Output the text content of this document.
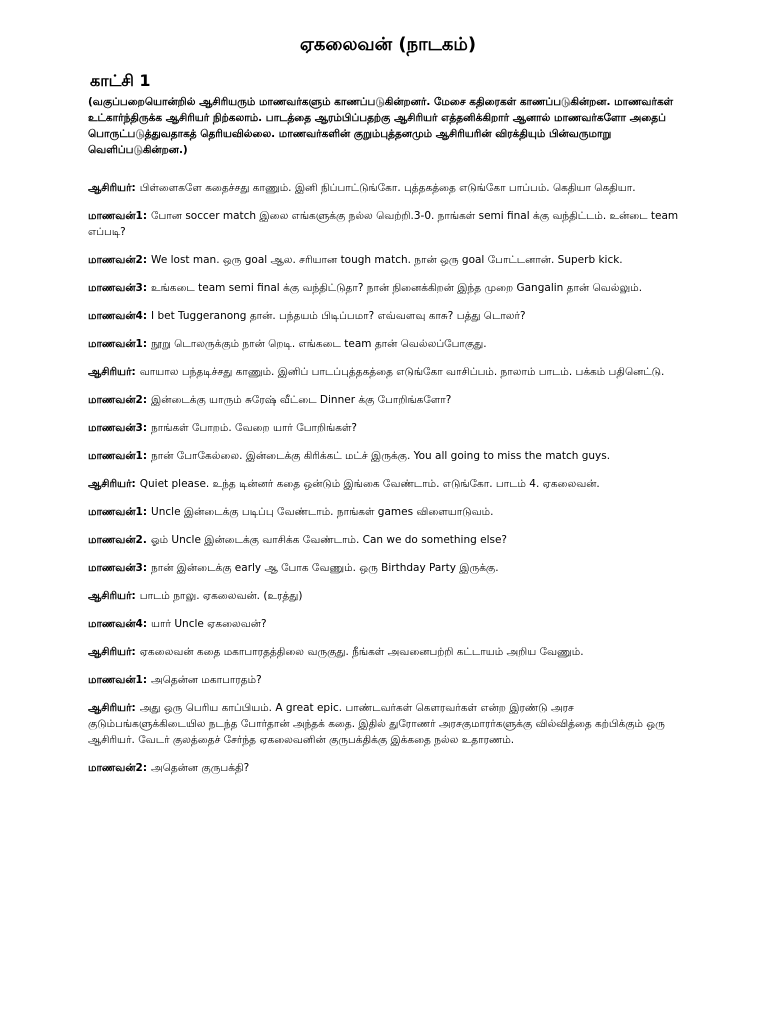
ஏகலைவன் (நாடகம்)
காட்சி 1
(வகுப்பறையொன்றில் ஆசிரியரும் மாணவர்களும் காணப்படுகின்றனர். மேசை கதிரைகள் காணப்படுகின்றன. மாணவர்கள் உட்கார்ந்திருக்க ஆசிரியர் நிற்கலாம். பாடத்தை ஆரம்பிப்பதற்கு ஆசிரியர் எத்தனிக்கிறார் ஆனால் மாணவர்களோ அதைப் பொருட்படுத்துவதாகத் தெரியவில்லை. மாணவர்களின் குறும்புத்தனமும் ஆசிரியரின் விரக்தியும் பின்வருமாறு வெளிப்படுகின்றன.)
ஆசிரியர்: பிள்ளைகளே கதைச்சது காணும். இனி நிப்பாட்டுங்கோ. புத்தகத்தை எடுங்கோ பாப்பம். கெதியா கெதியா.
மாணவன்1: போன soccer match இலை எங்களுக்கு நல்ல வெற்றி.3-0. நாங்கள் semi final க்கு வந்திட்டம். உன்டை team எப்படி?
மாணவன்2: We lost man. ஒரு goal ஆல. சரியான tough match. நான் ஒரு goal போட்டனான். Superb kick.
மாணவன்3: உங்கடை team semi final க்கு வந்திட்டுதா? நான் நினைக்கிறன் இந்த முறை Gangalin தான் வெல்லும்.
மாணவன்4: I bet Tuggeranong தான். பந்தயம் பிடிப்பமா? எவ்வளவு காசு? பத்து டொலர்?
மாணவன்1: நூறு டொலருக்கும் நான் றெடி. எங்கடை team தான் வெல்லப்போகுது.
ஆசிரியர்: வாயால பந்தடிச்சது காணும். இனிப் பாடப்புத்தகத்தை எடுங்கோ வாசிப்பம். நாலாம் பாடம். பக்கம் பதினெட்டு.
மாணவன்2: இன்டைக்கு யாரும் சுரேஷ் வீட்டை Dinner க்கு போறிங்களோ?
மாணவன்3: நாங்கள் போறம். வேறை யார் போறிங்கள்?
மாணவன்1: நான் போகேல்லை. இன்டைக்கு கிரிக்கட் மட்ச் இருக்கு. You all going to miss the match guys.
ஆசிரியர்: Quiet please. உந்த டின்னர் கதை ஒன்டும் இங்கை வேண்டாம். எடுங்கோ. பாடம் 4. ஏகலைவன்.
மாணவன்1: Uncle இன்டைக்கு படிப்பு வேண்டாம். நாங்கள் games விளையாடுவம்.
மாணவன்2. ஓம் Uncle இன்டைக்கு வாசிக்க வேண்டாம். Can we do something else?
மாணவன்3: நான் இன்டைக்கு early ஆ போக வேணும். ஒரு Birthday Party இருக்கு.
ஆசிரியர்: பாடம் நாலு. ஏகலைவன். (உரத்து)
மாணவன்4: யார் Uncle ஏகலைவன்?
ஆசிரியர்: ஏகலைவன் கதை மகாபாரதத்திலை வருகுது. நீங்கள் அவனைபற்றி கட்டாயம் அறிய வேணும்.
மாணவன்1: அதென்ன மகாபாரதம்?
ஆசிரியர்: அது ஒரு பெரிய காப்பியம். A great epic. பாண்டவர்கள் கௌரவர்கள் என்ற இரண்டு அரச குடும்பங்களுக்கிடையில நடந்த போர்தான் அந்தக் கதை. இதில் துரோணர் அரசகுமாரர்களுக்கு வில்வித்தை கற்பிக்கும் ஒரு ஆசிரியர். வேடர் குலத்தைச் சேர்ந்த ஏகலைவனின் குருபக்திக்கு இக்கதை நல்ல உதாரணம்.
மாணவன்2: அதென்ன குருபக்தி?
